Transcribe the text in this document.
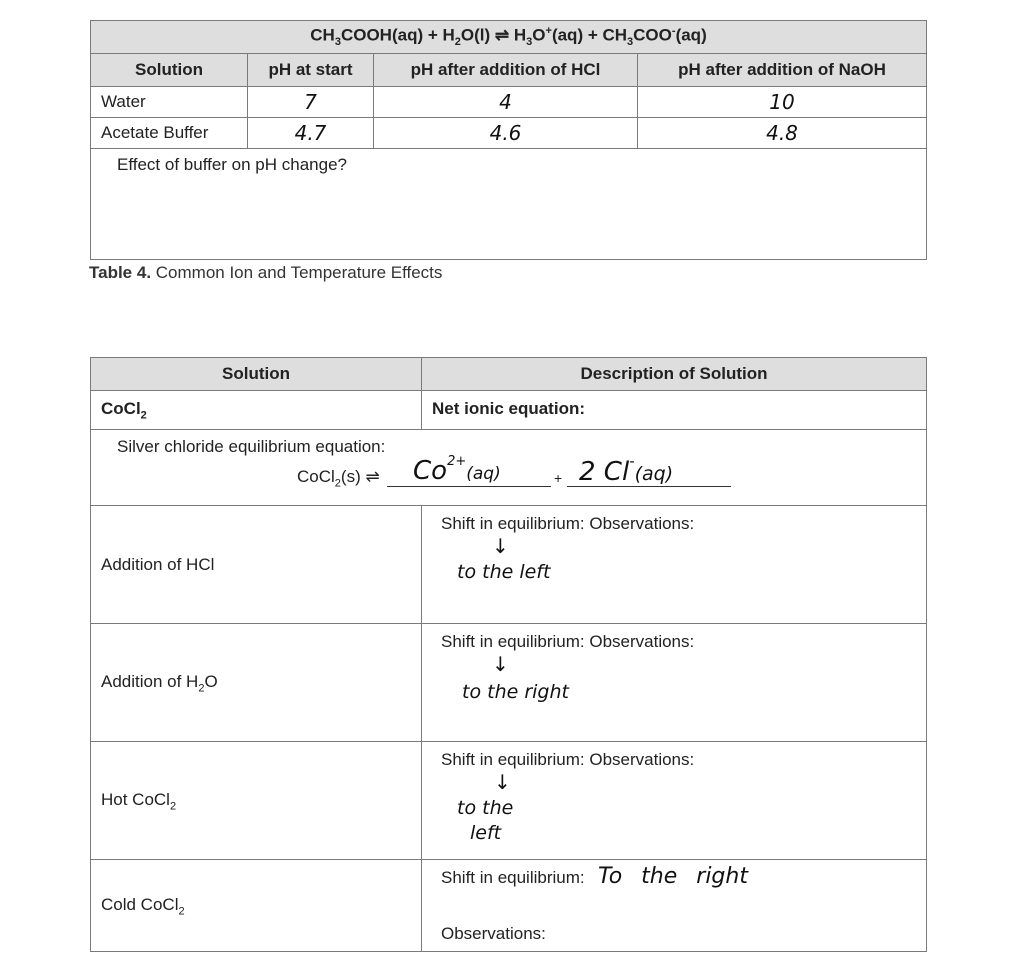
$CH_3COOH(aq) + H_2O(l)$ ⇌ $H_3O^+(aq) + CH_3COO^-(aq)$			
Solution	pH at start	pH after addition of HCl	pH after addition of NaOH
Water	7	4	10
Acetate Buffer	4.7	4.6	4.8
Effect of buffer on pH change?			
Table 4. Common Ion and Temperature Effects
Solution	Description of Solution
CoCl$_2$	Net ionic equation:

Silver chloride equilibrium equation:
CoCl$_2$(s) ⇌ $Co^{2+}(aq) + 2$ Cl-(aq)	

Addition of HCl	Shift in equilibrium: Observations:
↓
to the left

Addition of $H_2O$	Shift in equilibrium: Observations:
↓
to the right

Hot CoCl$_2$	Shift in equilibrium: Observations:
↓
to the
left

Cold CoCl$_2$	Shift in equilibrium: To the right
Observations:
